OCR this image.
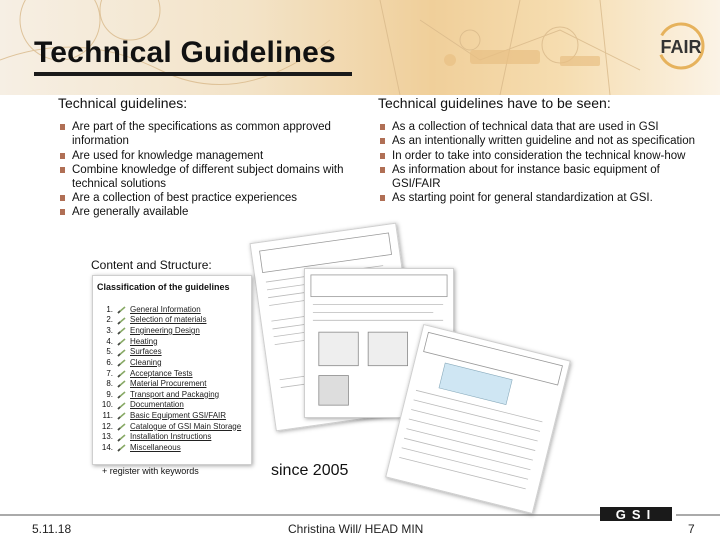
Technical Guidelines	FAIR
Technical guidelines:
Are part of the specifications as common approved information
Are used for knowledge management
Combine knowledge of different subject domains with technical solutions
Are a collection of best practice experiences
Are generally available
Technical guidelines have to be seen:
As a collection of technical data that are used in GSI
As an intentionally written guideline and not as specification
In order to take into consideration the technical know-how
As information about for instance basic equipment of GSI/FAIR
As starting point for general standardization at GSI.
Content and Structure:
Classification of the guidelines
1. General Information
2. Selection of materials
3. Engineering Design
4. Heating
5. Surfaces
6. Cleaning
7. Acceptance Tests
8. Material Procurement
9. Transport and Packaging
10. Documentation
11. Basic Equipment GSI/FAIR
12. Catalogue of GSI Main Storage
13. Installation Instructions
14. Miscellaneous
+ register with keywords	since 2005
GSI
5.11.18	Christina Will/ HEAD MIN	7
